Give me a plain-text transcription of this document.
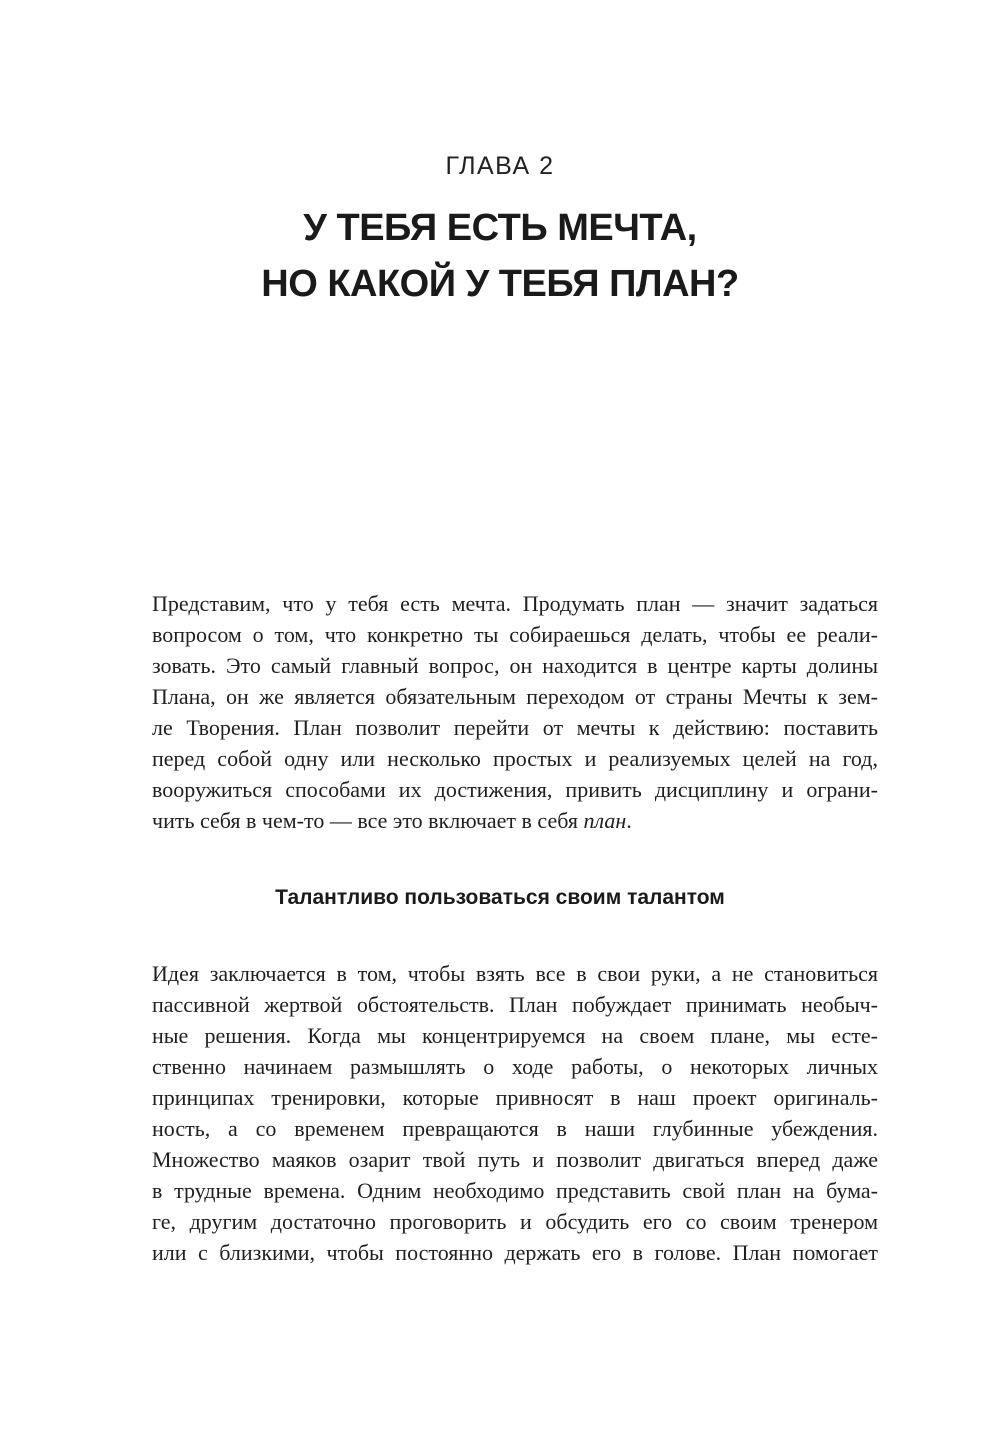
ГЛАВА 2
У ТЕБЯ ЕСТЬ МЕЧТА,
НО КАКОЙ У ТЕБЯ ПЛАН?
Представим, что у тебя есть мечта. Продумать план — значит задаться
вопросом о том, что конкретно ты собираешься делать, чтобы ее реали-
зовать. Это самый главный вопрос, он находится в центре карты долины
Плана, он же является обязательным переходом от страны Мечты к зем-
ле Творения. План позволит перейти от мечты к действию: поставить
перед собой одну или несколько простых и реализуемых целей на год,
вооружиться способами их достижения, привить дисциплину и ограни-
чить себя в чем-то — все это включает в себя план.
Талантливо пользоваться своим талантом
Идея заключается в том, чтобы взять все в свои руки, а не становиться
пассивной жертвой обстоятельств. План побуждает принимать необыч-
ные решения. Когда мы концентрируемся на своем плане, мы есте-
ственно начинаем размышлять о ходе работы, о некоторых личных
принципах тренировки, которые привносят в наш проект оригиналь-
ность, а со временем превращаются в наши глубинные убеждения.
Множество маяков озарит твой путь и позволит двигаться вперед даже
в трудные времена. Одним необходимо представить свой план на бума-
ге, другим достаточно проговорить и обсудить его со своим тренером
или с близкими, чтобы постоянно держать его в голове. План помогает
